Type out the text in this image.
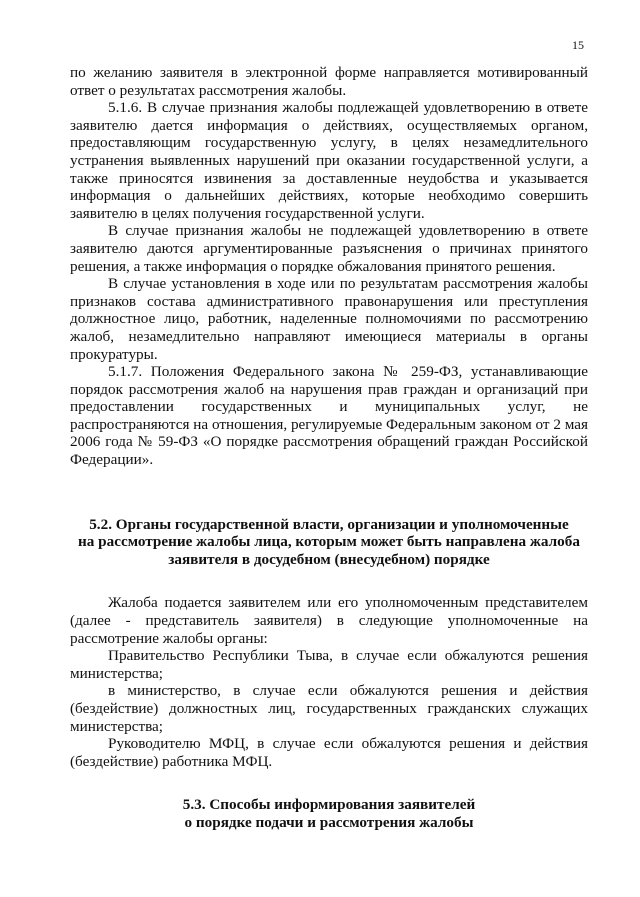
15

по желанию заявителя в электронной форме направляется мотивированный ответ о результатах рассмотрения жалобы.

5.1.6. В случае признания жалобы подлежащей удовлетворению в ответе заявителю дается информация о действиях, осуществляемых органом, предоставляющим государственную услугу, в целях незамедлительного устранения выявленных нарушений при оказании государственной услуги, а также приносятся извинения за доставленные неудобства и указывается информация о дальнейших действиях, которые необходимо совершить заявителю в целях получения государственной услуги.

В случае признания жалобы не подлежащей удовлетворению в ответе заявителю даются аргументированные разъяснения о причинах принятого решения, а также информация о порядке обжалования принятого решения.

В случае установления в ходе или по результатам рассмотрения жалобы признаков состава административного правонарушения или преступления должностное лицо, работник, наделенные полномочиями по рассмотрению жалоб, незамедлительно направляют имеющиеся материалы в органы прокуратуры.

5.1.7. Положения Федерального закона № 259-ФЗ, устанавливающие порядок рассмотрения жалоб на нарушения прав граждан и организаций при предоставлении государственных и муниципальных услуг, не распространяются на отношения, регулируемые Федеральным законом от 2 мая 2006 года № 59-ФЗ «О порядке рассмотрения обращений граждан Российской Федерации».

5.2. Органы государственной власти, организации и уполномоченные
на рассмотрение жалобы лица, которым может быть направлена жалоба
заявителя в досудебном (внесудебном) порядке

Жалоба подается заявителем или его уполномоченным представителем (далее - представитель заявителя) в следующие уполномоченные на рассмотрение жалобы органы:

Правительство Республики Тыва, в случае если обжалуются решения министерства;

в министерство, в случае если обжалуются решения и действия (бездействие) должностных лиц, государственных гражданских служащих министерства;

Руководителю МФЦ, в случае если обжалуются решения и действия (бездействие) работника МФЦ.

5.3. Способы информирования заявителей
о порядке подачи и рассмотрения жалобы
